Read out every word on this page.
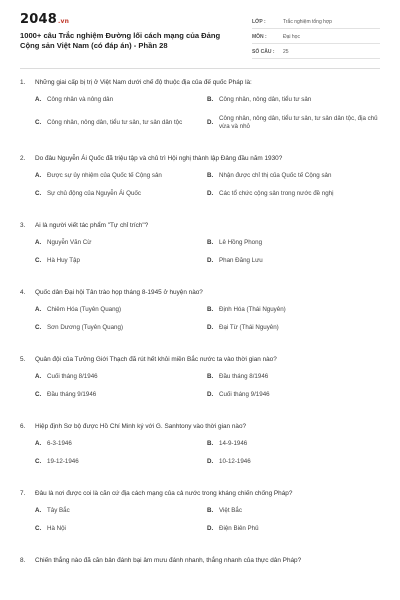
2048.vn
1000+ câu Trắc nghiệm Đường lối cách mạng của Đảng Cộng sản Việt Nam (có đáp án) - Phần 28
LỚP :	Trắc nghiệm tổng hợp
MÔN :	Đại học
SỐ CÂU :	25
1.	Những giai cấp bị trị ở Việt Nam dưới chế độ thuộc địa của đế quốc Pháp là:
A. Công nhân và nông dân	B. Công nhân, nông dân, tiểu tư sản
C. Công nhân, nông dân, tiểu tư sản, tư sản dân tộc	D.
Công nhân, nông dân, tiểu tư sản, tư sản dân tộc, địa chủ vừa và nhỏ
2.	Do đâu Nguyễn Ái Quốc đã triệu tập và chủ trì Hội nghị thành lập Đảng đầu năm 1930?
A. Được sự ủy nhiệm của Quốc tế Cộng sản	B. Nhận được chỉ thị của Quốc tế Cộng sản
C. Sự chủ động của Nguyễn Ái Quốc	D. Các tổ chức cộng sản trong nước đề nghị
3.	Ai là người viết tác phẩm "Tự chỉ trích"?
A. Nguyễn Văn Cừ	B. Lê Hồng Phong
C. Hà Huy Tập	D. Phan Đăng Lưu
4.	Quốc dân Đại hội Tân trào họp tháng 8-1945 ở huyện nào?
A. Chiêm Hóa (Tuyên Quang)	B. Định Hóa (Thái Nguyên)
C. Sơn Dương (Tuyên Quang)	D. Đại Từ (Thái Nguyên)
5.	Quân đội của Tưởng Giới Thạch đã rút hết khỏi miền Bắc nước ta vào thời gian nào?
A. Cuối tháng 8/1946	B. Đầu tháng 8/1946
C. Đầu tháng 9/1946	D. Cuối tháng 9/1946
6.	Hiệp định Sơ bộ được Hồ Chí Minh ký với G. Sanhtony vào thời gian nào?
A. 6-3-1946	B. 14-9-1946
C. 19-12-1946	D. 10-12-1946
7.	Đâu là nơi được coi là căn cứ địa cách mạng của cả nước trong kháng chiến chống Pháp?
A. Tây Bắc	B. Việt Bắc
C. Hà Nội	D. Điện Biên Phủ
8.	Chiến thắng nào đã căn bản đánh bại âm mưu đánh nhanh, thắng nhanh của thực dân Pháp?
